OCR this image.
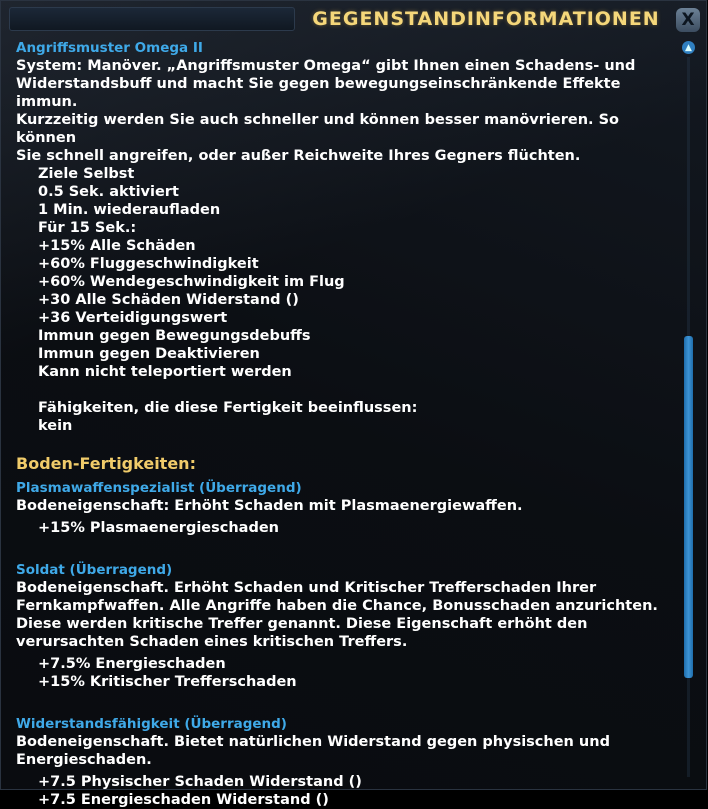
GEGENSTANDINFORMATIONEN	X
Angriffsmuster Omega II
System: Manöver. „Angriffsmuster Omega“ gibt Ihnen einen Schadens- und
Widerstandsbuff und macht Sie gegen bewegungseinschränkende Effekte immun.
Kurzzeitig werden Sie auch schneller und können besser manövrieren. So können
Sie schnell angreifen, oder außer Reichweite Ihres Gegners flüchten.
Ziele Selbst
0.5 Sek. aktiviert
1 Min. wiederaufladen
Für 15 Sek.:
+15% Alle Schäden
+60% Fluggeschwindigkeit
+60% Wendegeschwindigkeit im Flug
+30 Alle Schäden Widerstand ()
+36 Verteidigungswert
Immun gegen Bewegungsdebuffs
Immun gegen Deaktivieren
Kann nicht teleportiert werden
Fähigkeiten, die diese Fertigkeit beeinflussen:
kein
Boden-Fertigkeiten:
Plasmawaffenspezialist (Überragend)
Bodeneigenschaft: Erhöht Schaden mit Plasmaenergiewaffen.
+15% Plasmaenergieschaden
Soldat (Überragend)
Bodeneigenschaft. Erhöht Schaden und Kritischer Trefferschaden Ihrer
Fernkampfwaffen. Alle Angriffe haben die Chance, Bonusschaden anzurichten.
Diese werden kritische Treffer genannt. Diese Eigenschaft erhöht den
verursachten Schaden eines kritischen Treffers.
+7.5% Energieschaden
+15% Kritischer Trefferschaden
Widerstandsfähigkeit (Überragend)
Bodeneigenschaft. Bietet natürlichen Widerstand gegen physischen und
Energieschaden.
+7.5 Physischer Schaden Widerstand ()
+7.5 Energieschaden Widerstand ()
▲
